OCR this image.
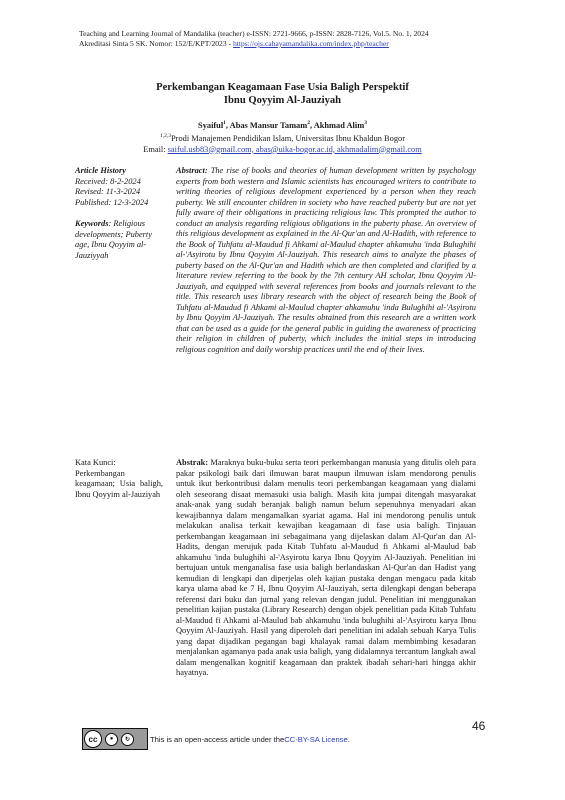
Teaching and Learning Journal of Mandalika (teacher) e-ISSN: 2721-9666, p-ISSN: 2828-7126, Vol.5. No. 1, 2024
Akreditasi Sinta 5 SK. Nomor: 152/E/KPT/2023 - https://ojs.cahayamandalika.com/index.php/teacher
Perkembangan Keagamaan Fase Usia Baligh Perspektif
Ibnu Qoyyim Al-Jauziyah
Syaiful$^1$, Abas Mansur Tamam$^2$, Akhmad Alim$^3$
$^{1,2,3}$Prodi Manajemen Pendidikan Islam, Universitas Ibnu Khaldun Bogor
Email: saiful.usb83@gmail.com, abas@uika-bogor.ac.id, akhmadalim@gmail.com
Article History
Received: 8-2-2024
Revised: 11-3-2024
Published: 12-3-2024
Keywords: Religious developments; Puberty age, Ibnu Qoyyim al-Jauziyyah
Abstract: The rise of books and theories of human development written by psychology experts from both western and Islamic scientists has encouraged writers to contribute to writing theories of religious development experienced by a person when they reach puberty. We still encounter children in society who have reached puberty but are not yet fully aware of their obligations in practicing religious law. This prompted the author to conduct an analysis regarding religious obligations in the puberty phase. An overview of this religious development as explained in the Al-Qur'an and Al-Hadith, with reference to the Book of Tuhfatu al-Maudud fi Ahkami al-Maulud chapter ahkamuhu 'inda Bulughihi al-'Asyirotu by Ibnu Qoyyim Al-Jauziyah. This research aims to analyze the phases of puberty based on the Al-Qur'an and Hadith which are then completed and clarified by a literature review referring to the book by the 7th century AH scholar, Ibnu Qoyyim Al-Jauziyah, and equipped with several references from books and journals relevant to the title. This research uses library research with the object of research being the Book of Tuhfatu al-Maudud fi Ahkami al-Maulud chapter ahkamuhu 'inda Bulughihi al-'Asyirotu by Ibnu Qoyyim Al-Jauziyah. The results obtained from this research are a written work that can be used as a guide for the general public in guiding the awareness of practicing their religion in children of puberty, which includes the initial steps in introducing religious cognition and daily worship practices until the end of their lives.
Kata Kunci:
Perkembangan keagamaan; Usia baligh, Ibnu Qoyyim al-Jauziyah
Abstrak: Maraknya buku-buku serta teori perkembangan manusia yang ditulis oleh para pakar psikologi baik dari ilmuwan barat maupun ilmuwan islam mendorong penulis untuk ikut berkontribusi dalam menulis teori perkembangan keagamaan yang dialami oleh seseorang disaat memasuki usia baligh. Masih kita jumpai ditengah masyarakat anak-anak yang sudah beranjak baligh namun belum sepenuhnya menyadari akan kewajibannya dalam mengamalkan syariat agama. Hal ini mendorong penulis untuk melakukan analisa terkait kewajiban keagamaan di fase usia baligh. Tinjauan perkembangan keagamaan ini sebagaimana yang dijelaskan dalam Al-Qur'an dan Al-Hadits, dengan merujuk pada Kitab Tuhfatu al-Maudud fi Ahkami al-Maulud bab ahkamuhu 'inda bulughihi al-'Asyirotu karya Ibnu Qoyyim Al-Jauziyah. Penelitian ini bertujuan untuk menganalisa fase usia baligh berlandaskan Al-Qur'an dan Hadist yang kemudian di lengkapi dan diperjelas oleh kajian pustaka dengan mengacu pada kitab karya ulama abad ke 7 H, Ibnu Qoyyim Al-Jauziyah, serta dilengkapi dengan beberapa referensi dari buku dan jurnal yang relevan dengan judul. Penelitian ini menggunakan penelitian kajian pustaka (Library Research) dengan objek penelitian pada Kitab Tuhfatu al-Maudud fi Ahkami al-Maulud bab ahkamuhu 'inda bulughihi al-'Asyirotu karya Ibnu Qoyyim Al-Jauziyah. Hasil yang diperoleh dari penelitian ini adalah sebuah Karya Tulis yang dapat dijadikan pegangan bagi khalayak ramai dalam membimbing kesadaran menjalankan agamanya pada anak usia baligh, yang didalamnya tercantum langkah awal dalam mengenalkan kognitif keagamaan dan praktek ibadah sehari-hari hingga akhir hayatnya.
46
cc	●	↻	This is an open-access article under the CC-BY-SA License .
